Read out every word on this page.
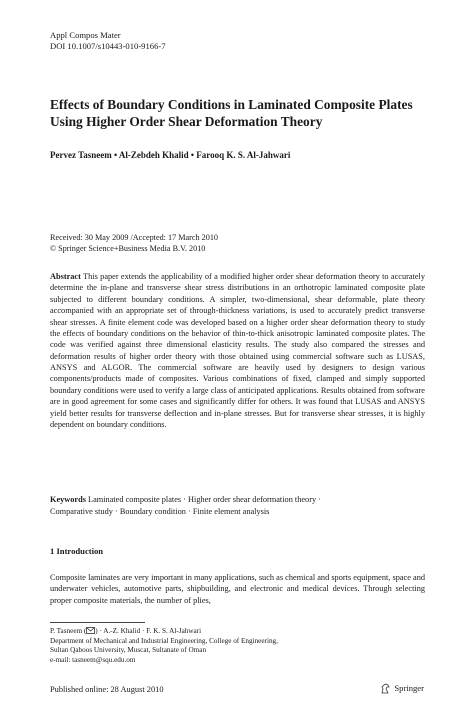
Appl Compos Mater
DOI 10.1007/s10443-010-9166-7
Effects of Boundary Conditions in Laminated Composite Plates Using Higher Order Shear Deformation Theory
Pervez Tasneem • Al-Zebdeh Khalid • Farooq K. S. Al-Jahwari
Received: 30 May 2009 /Accepted: 17 March 2010
© Springer Science+Business Media B.V. 2010

Abstract This paper extends the applicability of a modified higher order shear deformation theory to accurately determine the in-plane and transverse shear stress distributions in an orthotropic laminated composite plate subjected to different boundary conditions. A simpler, two-dimensional, shear deformable, plate theory accompanied with an appropriate set of through-thickness variations, is used to accurately predict transverse shear stresses. A finite element code was developed based on a higher order shear deformation theory to study the effects of boundary conditions on the behavior of thin-to-thick anisotropic laminated composite plates. The code was verified against three dimensional elasticity results. The study also compared the stresses and deformation results of higher order theory with those obtained using commercial software such as LUSAS, ANSYS and ALGOR. The commercial software are heavily used by designers to design various components/products made of composites. Various combinations of fixed, clamped and simply supported boundary conditions were used to verify a large class of anticipated applications. Results obtained from software are in good agreement for some cases and significantly differ for others. It was found that LUSAS and ANSYS yield better results for transverse deflection and in-plane stresses. But for transverse shear stresses, it is highly dependent on boundary conditions.

Keywords Laminated composite plates · Higher order shear deformation theory ·
Comparative study · Boundary condition · Finite element analysis
1 Introduction

Composite laminates are very important in many applications, such as chemical and sports equipment, space and underwater vehicles, automotive parts, shipbuilding, and electronic and medical devices. Through selecting proper composite materials, the number of plies,

P. Tasneem ( ) · A.-Z. Khalid · F. K. S. Al-Jahwari
Department of Mechanical and Industrial Engineering, College of Engineering,
Sultan Qaboos University, Muscat, Sultanate of Oman
e-mail: tasneem@squ.edu.om
Published online: 28 August 2010	Springer
